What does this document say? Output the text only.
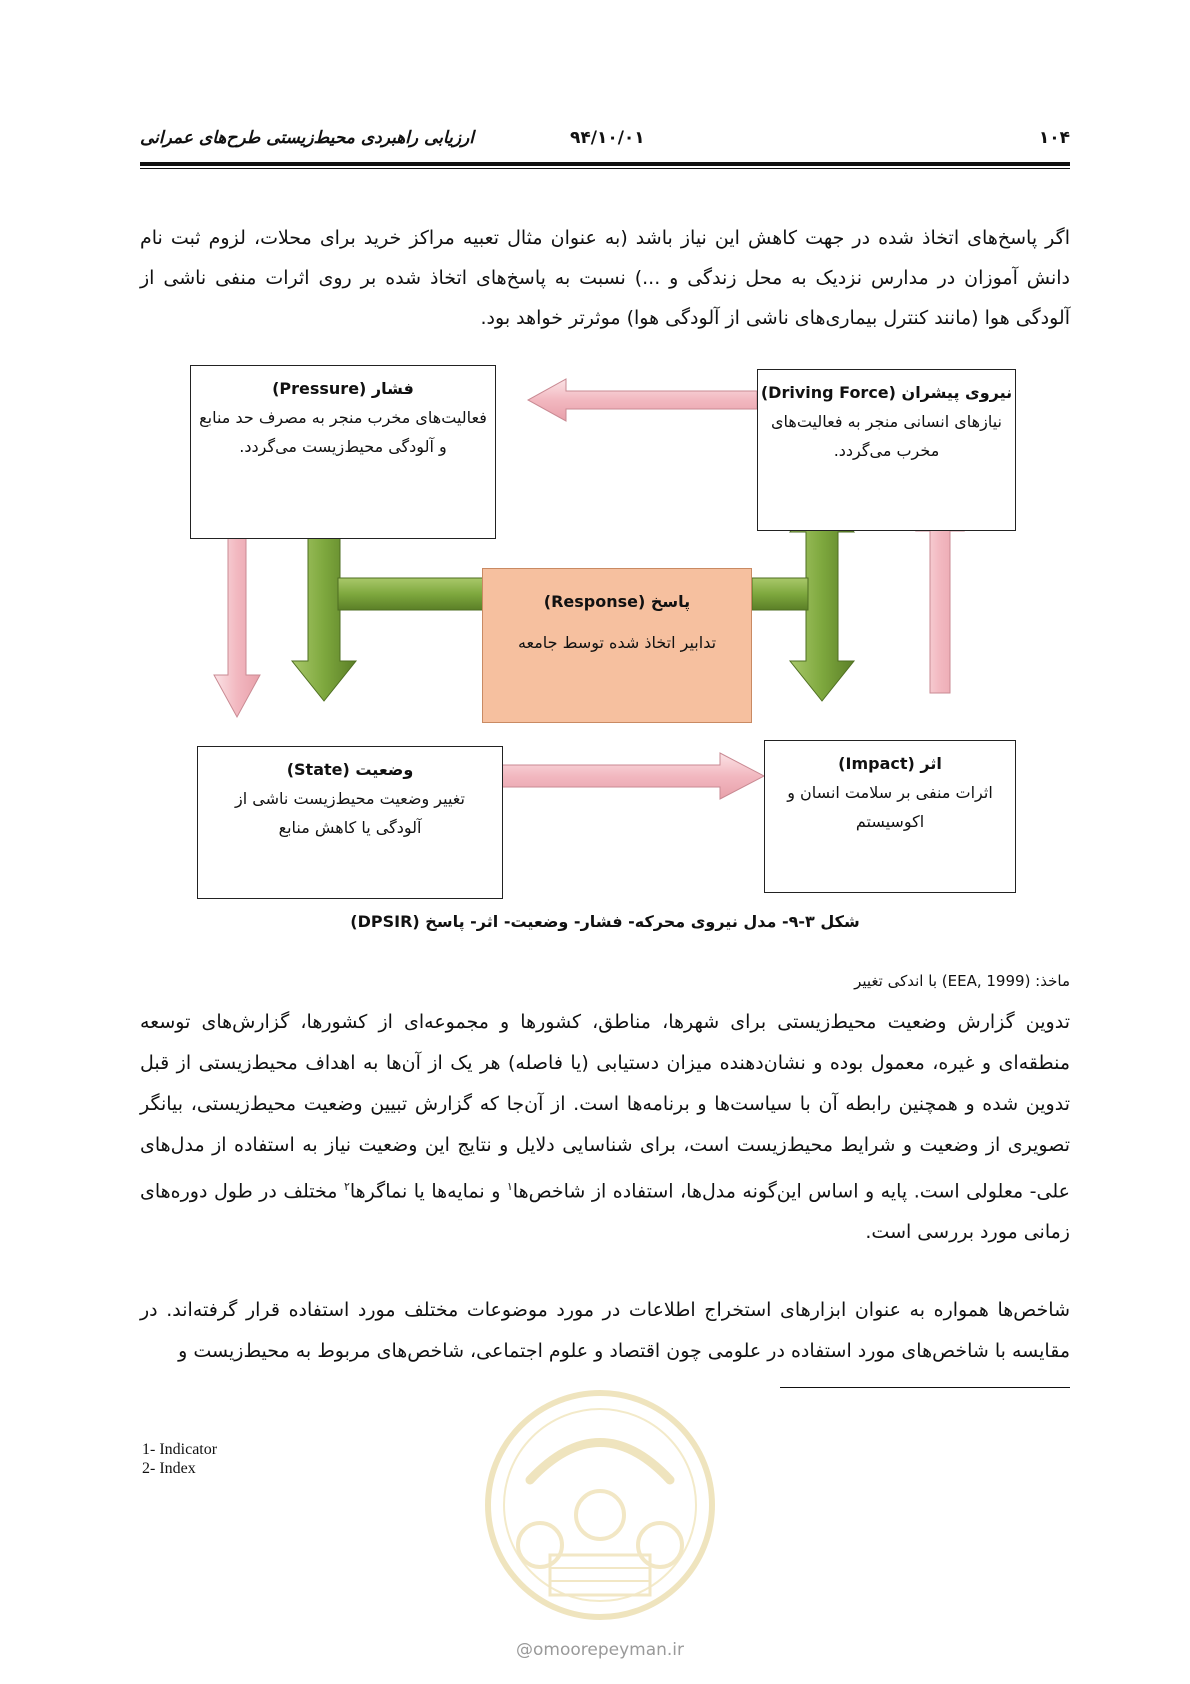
۱۰۴
۹۴/۱۰/۰۱
ارزیابی راهبردی محیط‌زیستی طرح‌های عمرانی
اگر پاسخ‌های اتخاذ شده در جهت کاهش این نیاز باشد (به عنوان مثال تعبیه مراکز خرید برای محلات، لزوم ثبت نام دانش آموزان در مدارس نزدیک به محل زندگی و ...) نسبت به پاسخ‌های اتخاذ شده بر روی اثرات منفی ناشی از آلودگی هوا (مانند کنترل بیماری‌های ناشی از آلودگی هوا) موثرتر خواهد بود.
فشار (Pressure)
فعالیت‌های مخرب منجر به مصرف حد منابع
و آلودگی محیط‌زیست می‌گردد.
نیروی پیشران (Driving Force)
نیازهای انسانی منجر به فعالیت‌های
مخرب می‌گردد.
پاسخ (Response)
تدابیر اتخاذ شده توسط جامعه
وضعیت (State)
تغییر وضعیت محیط‌زیست ناشی از
آلودگی یا کاهش منابع
اثر (Impact)
اثرات منفی بر سلامت انسان و
اکوسیستم
شکل ۳-۹- مدل نیروی محرکه- فشار- وضعیت- اثر- پاسخ (DPSIR)
ماخذ: (EEA, 1999) با اندکی تغییر
تدوین گزارش وضعیت محیط‌زیستی برای شهرها، مناطق، کشورها و مجموعه‌ای از کشورها، گزارش‌های توسعه منطقه‌ای و غیره، معمول بوده و نشان‌دهنده میزان دستیابی (یا فاصله) هر یک از آن‌ها به اهداف محیط‌زیستی از قبل تدوین شده و همچنین رابطه آن با سیاست‌ها و برنامه‌ها است. از آن‌جا که گزارش تبیین وضعیت محیط‌زیستی، بیانگر تصویری از وضعیت و شرایط محیط‌زیست است، برای شناسایی دلایل و نتایج این وضعیت نیاز به استفاده از مدل‌های علی- معلولی است. پایه و اساس این‌گونه مدل‌ها، استفاده از شاخص‌ها$^۱$ و نمایه‌ها یا نماگرها$^۲$ مختلف در طول دوره‌های زمانی مورد بررسی است.
شاخص‌ها همواره به عنوان ابزارهای استخراج اطلاعات در مورد موضوعات مختلف مورد استفاده قرار گرفته‌اند. در مقایسه با شاخص‌های مورد استفاده در علومی چون اقتصاد و علوم اجتماعی، شاخص‌های مربوط به محیط‌زیست و
1- Indicator
2- Index
@omoorepeyman.ir
